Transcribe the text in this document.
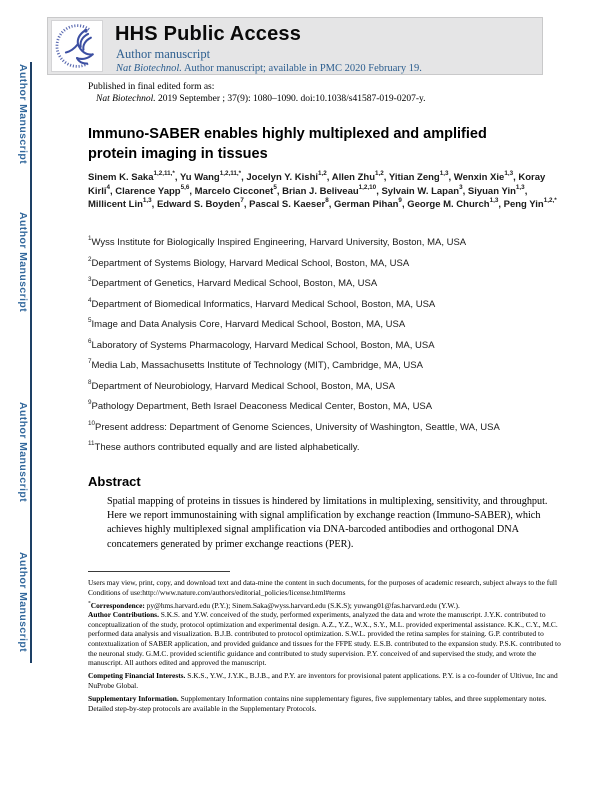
Author Manuscript
Author Manuscript
Author Manuscript
Author Manuscript
HHS Public Access
Author manuscript
Nat Biotechnol. Author manuscript; available in PMC 2020 February 19.
Published in final edited form as:
Nat Biotechnol. 2019 September ; 37(9): 1080–1090. doi:10.1038/s41587-019-0207-y.
Immuno-SABER enables highly multiplexed and amplified
protein imaging in tissues
Sinem K. Saka$^{1,2,11,*}$, Yu Wang$^{1,2,11,*}$, Jocelyn Y. Kishi$^{1,2}$, Allen Zhu$^{1,2}$, Yitian Zeng$^{1,3}$, Wenxin Xie$^{1,3}$, Koray Kirli$^4$, Clarence Yapp$^{5,6}$, Marcelo Cicconet$^5$, Brian J. Beliveau$^{1,2,10}$, Sylvain W. Lapan$^3$, Siyuan Yin$^{1,3}$, Millicent Lin$^{1,3}$, Edward S. Boyden$^7$, Pascal S. Kaeser$^8$, German Pihan$^9$, George M. Church$^{1,3}$, Peng Yin$^{1,2,*}$

$^1$Wyss Institute for Biologically Inspired Engineering, Harvard University, Boston, MA, USA

$^2$Department of Systems Biology, Harvard Medical School, Boston, MA, USA

$^3$Department of Genetics, Harvard Medical School, Boston, MA, USA

$^4$Department of Biomedical Informatics, Harvard Medical School, Boston, MA, USA

$^5$Image and Data Analysis Core, Harvard Medical School, Boston, MA, USA

$^6$Laboratory of Systems Pharmacology, Harvard Medical School, Boston, MA, USA

$^7$Media Lab, Massachusetts Institute of Technology (MIT), Cambridge, MA, USA

$^8$Department of Neurobiology, Harvard Medical School, Boston, MA, USA

$^9$Pathology Department, Beth Israel Deaconess Medical Center, Boston, MA, USA

$^{10}$Present address: Department of Genome Sciences, University of Washington, Seattle, WA, USA

$^{11}$These authors contributed equally and are listed alphabetically.

Abstract

Spatial mapping of proteins in tissues is hindered by limitations in multiplexing, sensitivity, and throughput. Here we report immunostaining with signal amplification by exchange reaction (Immuno-SABER), which achieves highly multiplexed signal amplification via DNA-barcoded antibodies and orthogonal DNA concatemers generated by primer exchange reactions (PER).

Users may view, print, copy, and download text and data-mine the content in such documents, for the purposes of academic research, subject always to the full Conditions of use:http://www.nature.com/authors/editorial_policies/license.html#terms

*Correspondence: py@hms.harvard.edu (P.Y.); Sinem.Saka@wyss.harvard.edu (S.K.S); yuwang01@fas.harvard.edu (Y.W.).

Author Contributions. S.K.S. and Y.W. conceived of the study, performed experiments, analyzed the data and wrote the manuscript. J.Y.K. contributed to conceptualization of the study, protocol optimization and experimental design. A.Z., Y.Z., W.X., S.Y., M.L. provided experimental assistance. K.K., C.Y., M.C. performed data analysis and visualization. B.J.B. contributed to protocol optimization. S.W.L. provided the retina samples for staining. G.P. contributed to contextualization of SABER application, and provided guidance and tissues for the FFPE study. E.S.B. contributed to the expansion study. P.S.K. contributed to the neuronal study. G.M.C. provided scientific guidance and contributed to study supervision. P.Y. conceived of and supervised the study, and wrote the manuscript. All authors edited and approved the manuscript.

Competing Financial Interests. S.K.S., Y.W., J.Y.K., B.J.B., and P.Y. are inventors for provisional patent applications. P.Y. is a co-founder of Ultivue, Inc and NuProbe Global.

Supplementary Information. Supplementary Information contains nine supplementary figures, five supplementary tables, and three supplementary notes. Detailed step-by-step protocols are available in the Supplementary Protocols.
